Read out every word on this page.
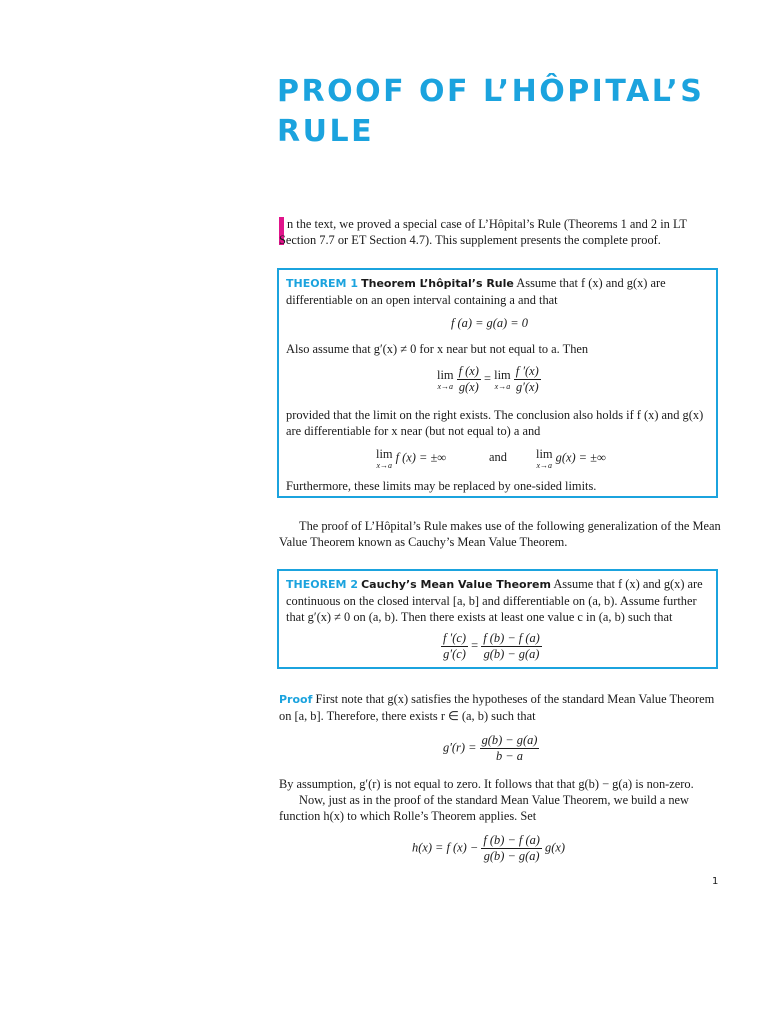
PROOF OF L’HÔPITAL’S
RULE
n the text, we proved a special case of L’Hôpital’s Rule (Theorems 1 and 2 in LT Section 7.7 or ET Section 4.7). This supplement presents the complete proof.
THEOREM 1 Theorem L’hôpital’s Rule Assume that f (x) and g(x) are differentiable on an open interval containing a and that
f (a) = g(a) = 0
Also assume that g′(x) ≠ 0 for x near but not equal to a. Then
lim
x→a
$\frac{f (x)}{g(x)} = \lim$
x→a
$\frac{f '(x)}{g'(x)}$
provided that the limit on the right exists. The conclusion also holds if f (x) and g(x) are differentiable for x near (but not equal to) a and
lim
x→a
f (x) = ±∞	and lim
x→a
g(x) = ±∞
Furthermore, these limits may be replaced by one-sided limits.
The proof of L’Hôpital’s Rule makes use of the following generalization of the Mean Value Theorem known as Cauchy’s Mean Value Theorem.
THEOREM 2 Cauchy’s Mean Value Theorem Assume that f (x) and g(x) are continuous on the closed interval [a, b] and differentiable on (a, b). Assume further that g′(x) ≠ 0 on (a, b). Then there exists at least one value c in (a, b) such that
$\frac{f '(c)}{g'(c)} = \frac{f (b) - f (a)}{g(b) - g(a)}$
Proof First note that g(x) satisfies the hypotheses of the standard Mean Value Theorem on [a, b]. Therefore, there exists r ∈ (a, b) such that
$g'(r) = \frac{g(b) - g(a)}{b - a}$
By assumption, g′(r) is not equal to zero. It follows that that g(b) − g(a) is non-zero.
Now, just as in the proof of the standard Mean Value Theorem, we build a new function h(x) to which Rolle’s Theorem applies. Set
h(x) = f $(x) - \frac{f (b) - f (a)}{g(b) - g(a)} g(x)$
1
